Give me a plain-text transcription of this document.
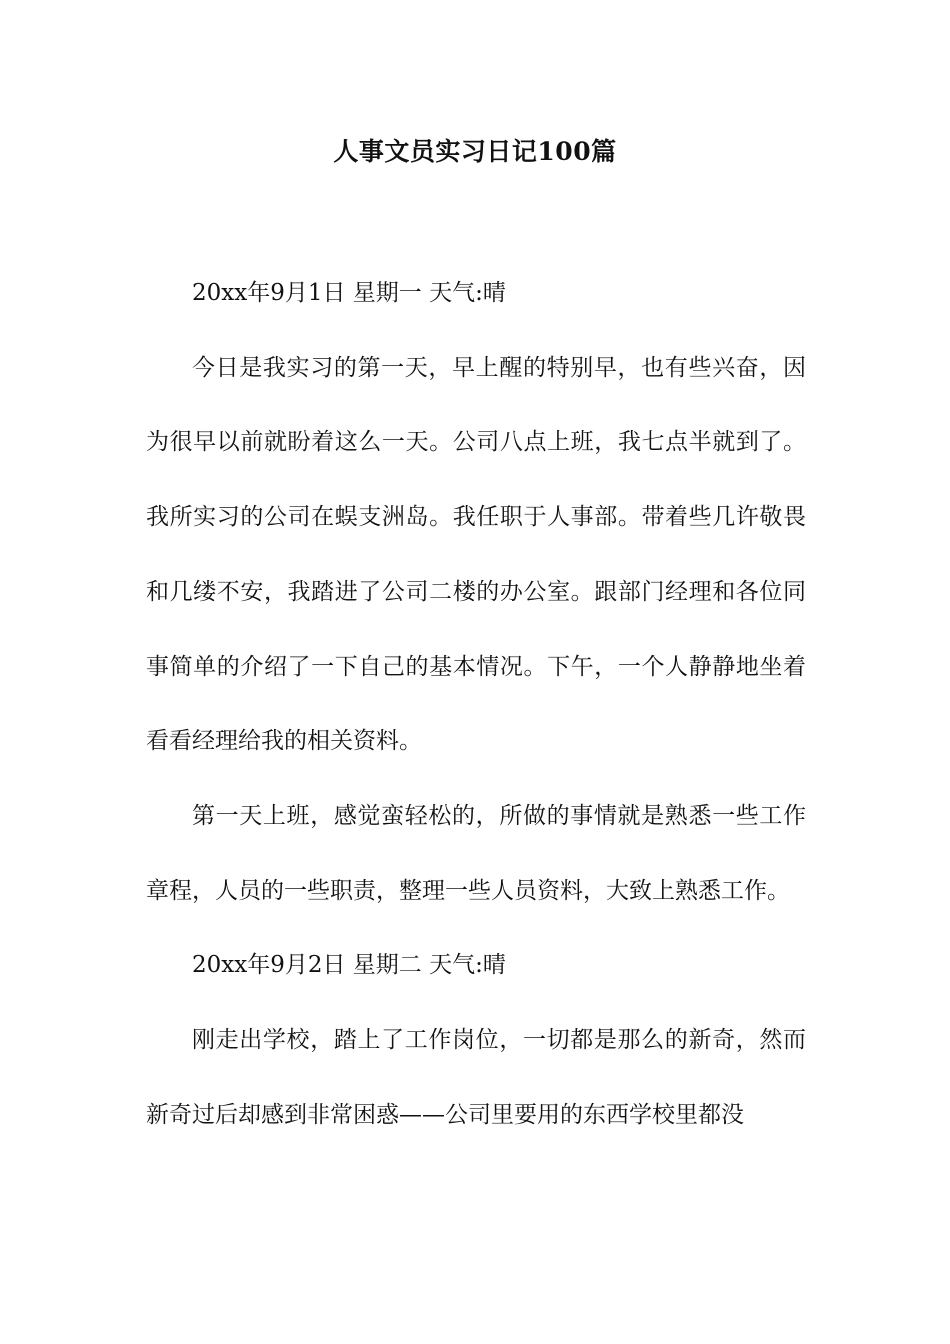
人事文员实习日记100篇

20xx年9月1日 星期一 天气:晴

今日是我实习的第一天，早上醒的特别早，也有些兴奋，因为很早以前就盼着这么一天。公司八点上班，我七点半就到了。我所实习的公司在蜈支洲岛。我任职于人事部。带着些几许敬畏和几缕不安，我踏进了公司二楼的办公室。跟部门经理和各位同事简单的介绍了一下自己的基本情况。下午，一个人静静地坐着看看经理给我的相关资料。

第一天上班，感觉蛮轻松的，所做的事情就是熟悉一些工作章程，人员的一些职责，整理一些人员资料，大致上熟悉工作。

20xx年9月2日 星期二 天气:晴

刚走出学校，踏上了工作岗位，一切都是那么的新奇，然而新奇过后却感到非常困惑——公司里要用的东西学校里都没
